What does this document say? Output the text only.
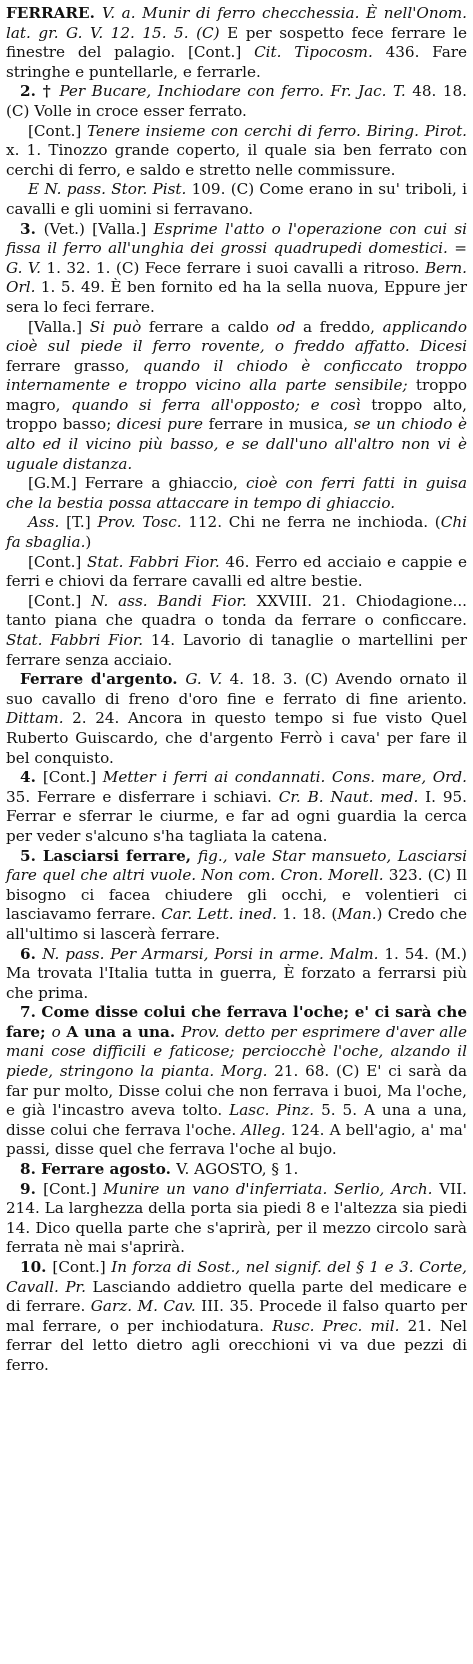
FERRARE. V. a. Munir di ferro checchessia. È nell'Onom. lat. gr. G. V. 12. 15. 5. (C) E per sospetto fece ferrare le finestre del palagio. [Cont.] Cit. Tipocosm. 436. Fare stringhe e puntellarle, e ferrarle.

2. † Per Bucare, Inchiodare con ferro. Fr. Jac. T. 48. 18. (C) Volle in croce esser ferrato.

[Cont.] Tenere insieme con cerchi di ferro. Biring. Pirot. x. 1. Tinozzo grande coperto, il quale sia ben ferrato con cerchi di ferro, e saldo e stretto nelle commissure.

E N. pass. Stor. Pist. 109. (C) Come erano in su' triboli, i cavalli e gli uomini si ferravano.

3. (Vet.) [Valla.] Esprime l'atto o l'operazione con cui si fissa il ferro all'unghia dei grossi quadrupedi domestici. = G. V. 1. 32. 1. (C) Fece ferrare i suoi cavalli a ritroso. Bern. Orl. 1. 5. 49. È ben fornito ed ha la sella nuova, Eppure jer sera lo feci ferrare.

[Valla.] Si può ferrare a caldo od a freddo, applicando cioè sul piede il ferro rovente, o freddo affatto. Dicesi ferrare grasso, quando il chiodo è conficcato troppo internamente e troppo vicino alla parte sensibile; troppo magro, quando si ferra all'opposto; e così troppo alto, troppo basso; dicesi pure ferrare in musica, se un chiodo è alto ed il vicino più basso, e se dall'uno all'altro non vi è uguale distanza.

[G.M.] Ferrare a ghiaccio, cioè con ferri fatti in guisa che la bestia possa attaccare in tempo di ghiaccio.

Ass. [T.] Prov. Tosc. 112. Chi ne ferra ne inchioda. (Chi fa sbaglia.)

[Cont.] Stat. Fabbri Fior. 46. Ferro ed acciaio e cappie e ferri e chiovi da ferrare cavalli ed altre bestie.

[Cont.] N. ass. Bandi Fior. XXVIII. 21. Chiodagione... tanto piana che quadra o tonda da ferrare o conficcare. Stat. Fabbri Fior. 14. Lavorio di tanaglie o martellini per ferrare senza acciaio.

Ferrare d'argento. G. V. 4. 18. 3. (C) Avendo ornato il suo cavallo di freno d'oro fine e ferrato di fine ariento. Dittam. 2. 24. Ancora in questo tempo si fue visto Quel Ruberto Guiscardo, che d'argento Ferrò i cava' per fare il bel conquisto.

4. [Cont.] Metter i ferri ai condannati. Cons. mare, Ord. 35. Ferrare e disferrare i schiavi. Cr. B. Naut. med. I. 95. Ferrar e sferrar le ciurme, e far ad ogni guardia la cerca per veder s'alcuno s'ha tagliata la catena.

5. Lasciarsi ferrare, fig., vale Star mansueto, Lasciarsi fare quel che altri vuole. Non com. Cron. Morell. 323. (C) Il bisogno ci facea chiudere gli occhi, e volentieri ci lasciavamo ferrare. Car. Lett. ined. 1. 18. (Man.) Credo che all'ultimo si lascerà ferrare.

6. N. pass. Per Armarsi, Porsi in arme. Malm. 1. 54. (M.) Ma trovata l'Italia tutta in guerra, È forzato a ferrarsi più che prima.

7. Come disse colui che ferrava l'oche; e' ci sarà che fare; o A una a una. Prov. detto per esprimere d'aver alle mani cose difficili e faticose; perciocchè l'oche, alzando il piede, stringono la pianta. Morg. 21. 68. (C) E' ci sarà da far pur molto, Disse colui che non ferrava i buoi, Ma l'oche, e già l'incastro aveva tolto. Lasc. Pinz. 5. 5. A una a una, disse colui che ferrava l'oche. Alleg. 124. A bell'agio, a' ma' passi, disse quel che ferrava l'oche al bujo.

8. Ferrare agosto. V. AGOSTO, § 1.

9. [Cont.] Munire un vano d'inferriata. Serlio, Arch. VII. 214. La larghezza della porta sia piedi 8 e l'altezza sia piedi 14. Dico quella parte che s'aprirà, per il mezzo circolo sarà ferrata nè mai s'aprirà.

10. [Cont.] In forza di Sost., nel signif. del § 1 e 3. Corte, Cavall. Pr. Lasciando addietro quella parte del medicare e di ferrare. Garz. M. Cav. III. 35. Procede il falso quarto per mal ferrare, o per inchiodatura. Rusc. Prec. mil. 21. Nel ferrar del letto dietro agli orecchioni vi va due pezzi di ferro.
